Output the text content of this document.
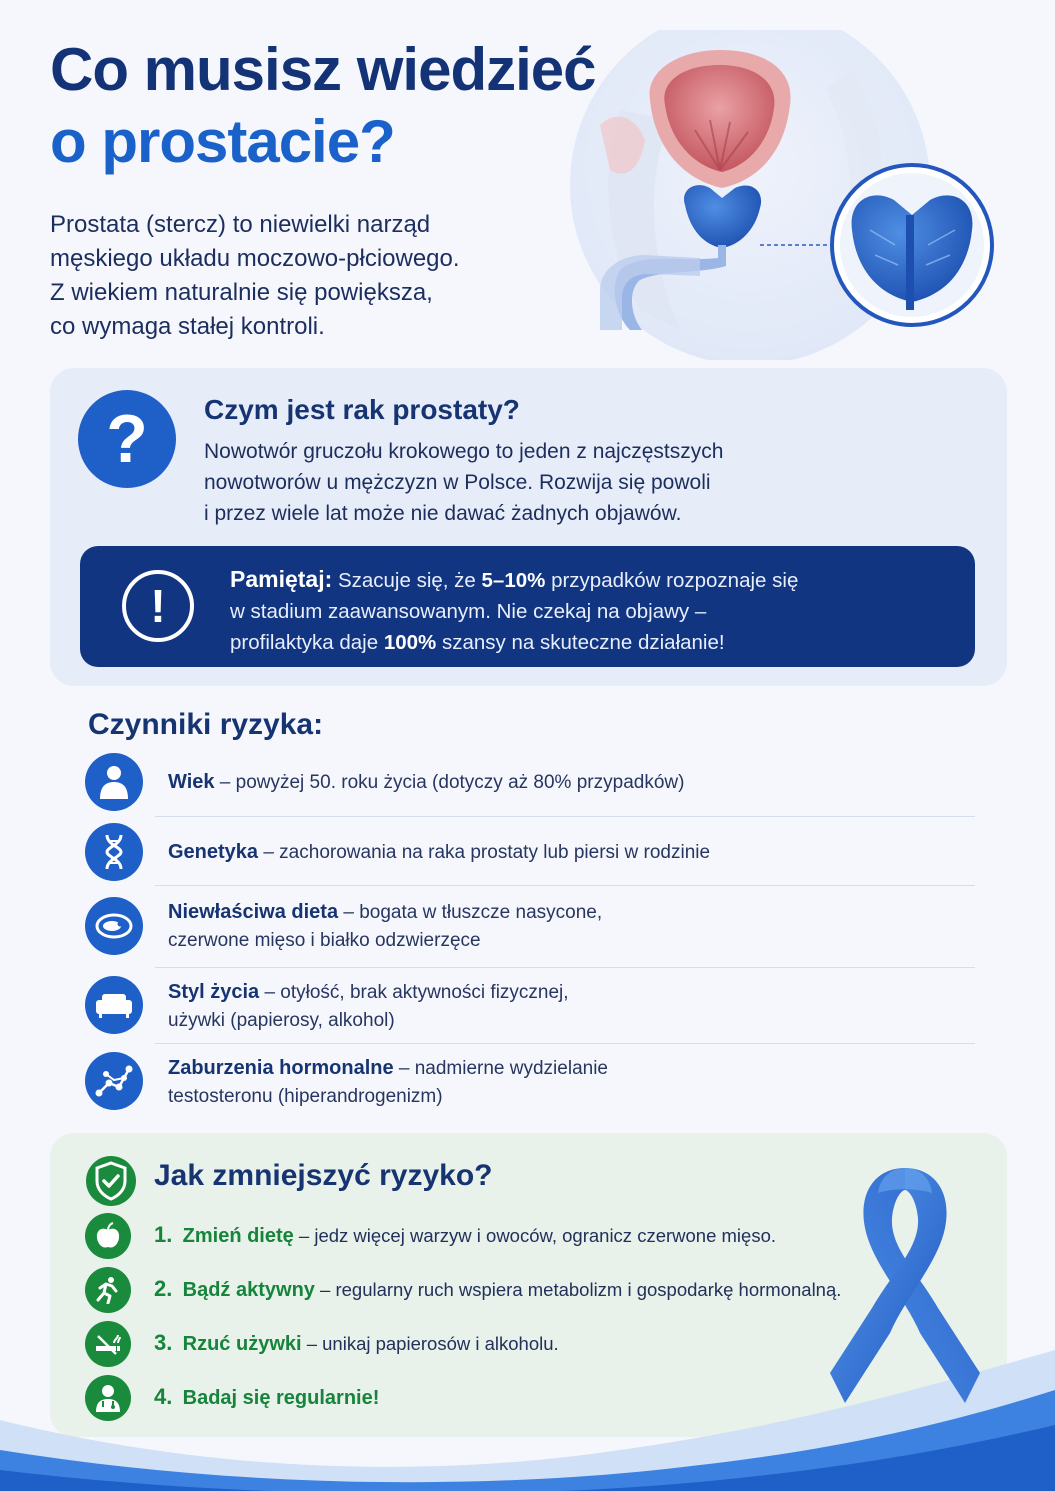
Co musisz wiedzieć
o prostacie?
Prostata (stercz) to niewielki narząd
męskiego układu moczowo-płciowego.
Z wiekiem naturalnie się powiększa,
co wymaga stałej kontroli.
?	Czym jest rak prostaty?
Nowotwór gruczołu krokowego to jeden z najczęstszych
nowotworów u mężczyzn w Polsce. Rozwija się powoli
i przez wiele lat może nie dawać żadnych objawów.
!
Pamiętaj: Szacuje się, że 5–10% przypadków rozpoznaje się
w stadium zaawansowanym. Nie czekaj na objawy –
profilaktyka daje 100% szansy na skuteczne działanie!
Czynniki ryzyka:
Wiek – powyżej 50. roku życia (dotyczy aż 80% przypadków)
Genetyka – zachorowania na raka prostaty lub piersi w rodzinie
Niewłaściwa dieta – bogata w tłuszcze nasycone,
czerwone mięso i białko odzwierzęce
Styl życia – otyłość, brak aktywności fizycznej,
używki (papierosy, alkohol)
Zaburzenia hormonalne – nadmierne wydzielanie
testosteronu (hiperandrogenizm)
Jak zmniejszyć ryzyko?
1. Zmień dietę – jedz więcej warzyw i owoców, ogranicz czerwone mięso.
2. Bądź aktywny – regularny ruch wspiera metabolizm i gospodarkę hormonalną.
3. Rzuć używki – unikaj papierosów i alkoholu.
4. Badaj się regularnie!
